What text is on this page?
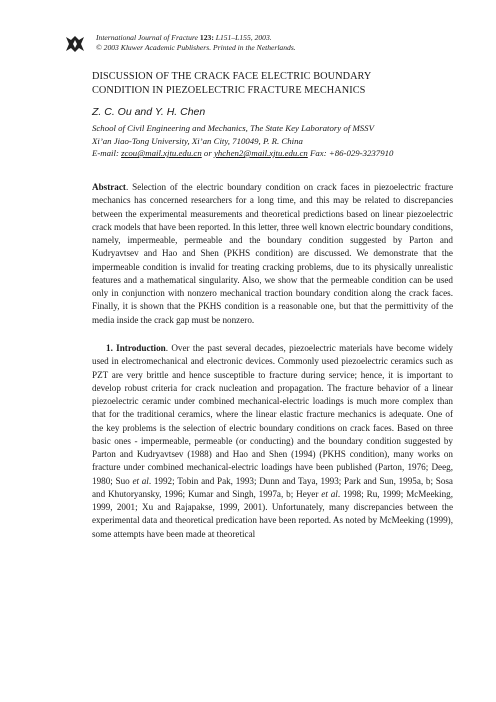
International Journal of Fracture 123: L151–L155, 2003.
© 2003 Kluwer Academic Publishers. Printed in the Netherlands.
DISCUSSION OF THE CRACK FACE ELECTRIC BOUNDARY CONDITION IN PIEZOELECTRIC FRACTURE MECHANICS
Z. C. Ou and Y. H. Chen
School of Civil Engineering and Mechanics, The State Key Laboratory of MSSV
Xi’an Jiao-Tong University, Xi’an City, 710049, P. R. China
E-mail: zcou@mail.xjtu.edu.cn or yhchen2@mail.xjtu.edu.cn Fax: +86-029-3237910
Abstract. Selection of the electric boundary condition on crack faces in piezoelectric fracture mechanics has concerned researchers for a long time, and this may be related to discrepancies between the experimental measurements and theoretical predictions based on linear piezoelectric crack models that have been reported. In this letter, three well known electric boundary conditions, namely, impermeable, permeable and the boundary condition suggested by Parton and Kudryavtsev and Hao and Shen (PKHS condition) are discussed. We demonstrate that the impermeable condition is invalid for treating cracking problems, due to its physically unrealistic features and a mathematical singularity. Also, we show that the permeable condition can be used only in conjunction with nonzero mechanical traction boundary condition along the crack faces. Finally, it is shown that the PKHS condition is a reasonable one, but that the permittivity of the media inside the crack gap must be nonzero.
1. Introduction. Over the past several decades, piezoelectric materials have become widely used in electromechanical and electronic devices. Commonly used piezoelectric ceramics such as PZT are very brittle and hence susceptible to fracture during service; hence, it is important to develop robust criteria for crack nucleation and propagation. The fracture behavior of a linear piezoelectric ceramic under combined mechanical-electric loadings is much more complex than that for the traditional ceramics, where the linear elastic fracture mechanics is adequate. One of the key problems is the selection of electric boundary conditions on crack faces. Based on three basic ones - impermeable, permeable (or conducting) and the boundary condition suggested by Parton and Kudryavtsev (1988) and Hao and Shen (1994) (PKHS condition), many works on fracture under combined mechanical-electric loadings have been published (Parton, 1976; Deeg, 1980; Suo et al. 1992; Tobin and Pak, 1993; Dunn and Taya, 1993; Park and Sun, 1995a, b; Sosa and Khutoryansky, 1996; Kumar and Singh, 1997a, b; Heyer et al. 1998; Ru, 1999; McMeeking, 1999, 2001; Xu and Rajapakse, 1999, 2001). Unfortunately, many discrepancies between the experimental data and theoretical predication have been reported. As noted by McMeeking (1999), some attempts have been made at theoretical
